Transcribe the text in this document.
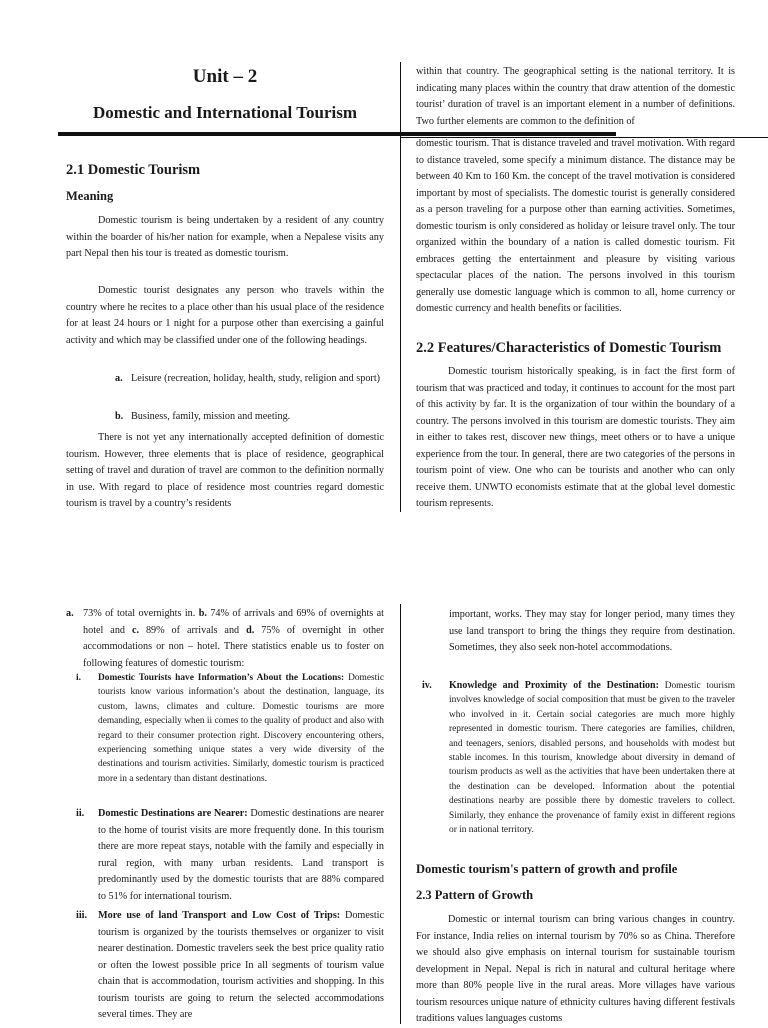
Unit – 2
Domestic and International Tourism
2.1 Domestic Tourism
Meaning
Domestic tourism is being undertaken by a resident of any country within the boarder of his/her nation for example, when a Nepalese visits any part Nepal then his tour is treated as domestic tourism.
Domestic tourist designates any person who travels within the country where he recites to a place other than his usual place of the residence for at least 24 hours or 1 night for a purpose other than exercising a gainful activity and which may be classified under one of the following headings.
a. Leisure (recreation, holiday, health, study, religion and sport)
b. Business, family, mission and meeting.
There is not yet any internationally accepted definition of domestic tourism. However, three elements that is place of residence, geographical setting of travel and duration of travel are common to the definition normally in use. With regard to place of residence most countries regard domestic tourism is travel by a country’s residents
within that country. The geographical setting is the national territory. It is indicating many places within the country that draw attention of the domestic tourist’ duration of travel is an important element in a number of definitions. Two further elements are common to the definition of
domestic tourism. That is distance traveled and travel motivation. With regard to distance traveled, some specify a minimum distance. The distance may be between 40 Km to 160 Km. the concept of the travel motivation is considered important by most of specialists. The domestic tourist is generally considered as a person traveling for a purpose other than earning activities. Sometimes, domestic tourism is only considered as holiday or leisure travel only. The tour organized within the boundary of a nation is called domestic tourism. Fit embraces getting the entertainment and pleasure by visiting various spectacular places of the nation. The persons involved in this tourism generally use domestic language which is common to all, home currency or domestic currency and health benefits or facilities.
2.2 Features/Characteristics of Domestic Tourism
Domestic tourism historically speaking, is in fact the first form of tourism that was practiced and today, it continues to account for the most part of this activity by far. It is the organization of tour within the boundary of a country. The persons involved in this tourism are domestic tourists. They aim in either to takes rest, discover new things, meet others or to have a unique experience from the tour. In general, there are two categories of the persons in tourism point of view. One who can be tourists and another who can only receive them. UNWTO economists estimate that at the global level domestic tourism represents.
a. 73% of total overnights in. b. 74% of arrivals and 69% of overnights at hotel and c. 89% of arrivals and d. 75% of overnight in other accommodations or non – hotel. There statistics enable us to foster on following features of domestic tourism:
i. Domestic Tourists have Information’s About the Locations: Domestic tourists know various information’s about the destination, language, its custom, lawns, climates and culture. Domestic tourisms are more demanding, especially when ii comes to the quality of product and also with regard to their consumer protection right. Discovery encountering others, experiencing something unique states a very wide diversity of the destinations and tourism activities. Similarly, domestic tourism is practiced more in a sedentary than distant destinations.
ii. Domestic Destinations are Nearer: Domestic destinations are nearer to the home of tourist visits are more frequently done. In this tourism there are more repeat stays, notable with the family and especially in rural region, with many urban residents. Land transport is predominantly used by the domestic tourists that are 88% compared to 51% for international tourism.
iii. More use of land Transport and Low Cost of Trips: Domestic tourism is organized by the tourists themselves or organizer to visit nearer destination. Domestic travelers seek the best price quality ratio or often the lowest possible price In all segments of tourism value chain that is accommodation, tourism activities and shopping. In this tourism tourists are going to return the selected accommodations several times. They are
important, works. They may stay for longer period, many times they use land transport to bring the things they require from destination. Sometimes, they also seek non-hotel accommodations.
iv. Knowledge and Proximity of the Destination: Domestic tourism involves knowledge of social composition that must be given to the traveler who involved in it. Certain social categories are much more highly represented in domestic tourism. There categories are families, children, and teenagers, seniors, disabled persons, and households with modest but stable incomes. In this tourism, knowledge about diversity in demand of tourism products as well as the activities that have been undertaken there at the destination can be developed. Information about the potential destinations nearby are possible there by domestic travelers to collect. Similarly, they enhance the provenance of family exist in different regions or in national territory.
Domestic tourism's pattern of growth and profile
2.3 Pattern of Growth
Domestic or internal tourism can bring various changes in country. For instance, India relies on internal tourism by 70% so as China. Therefore we should also give emphasis on internal tourism for sustainable tourism development in Nepal. Nepal is rich in natural and cultural heritage where more than 80% people live in the rural areas. More villages have various tourism resources unique nature of ethnicity cultures having different festivals traditions values languages customs
